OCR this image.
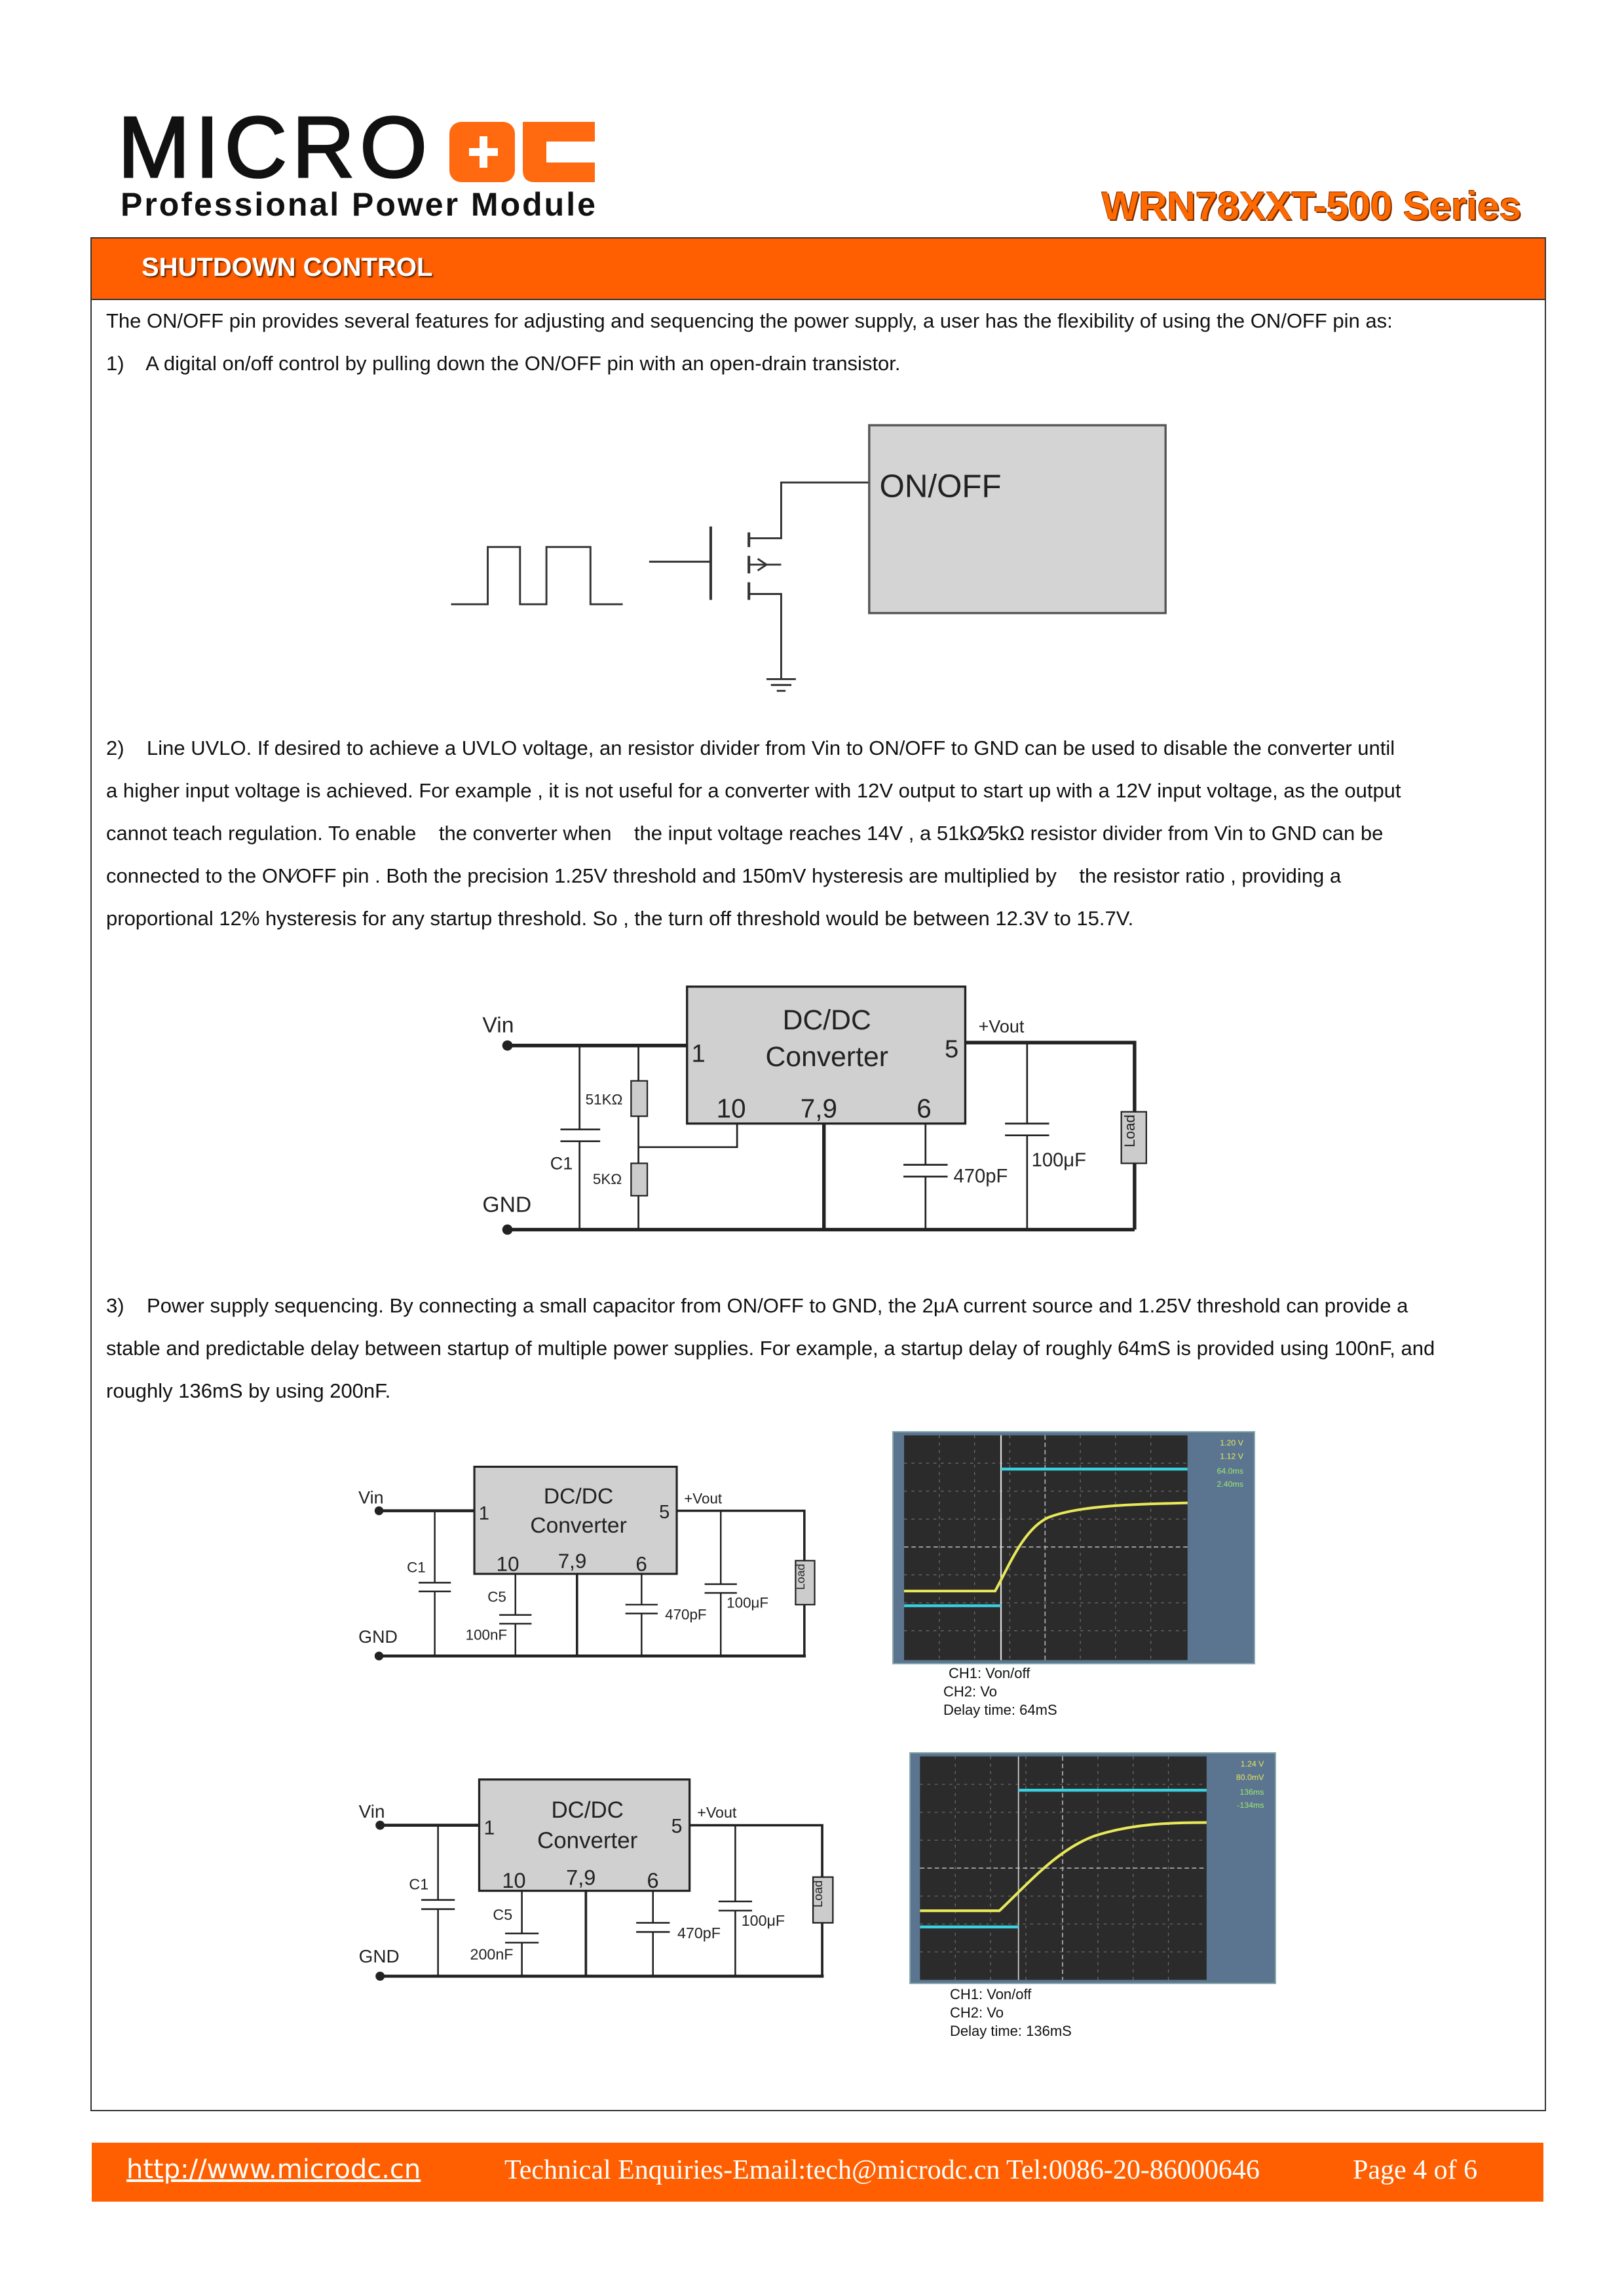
MICRO
Professional Power Module	WRN78XXT-500 Series
SHUTDOWN CONTROL
The ON/OFF pin provides several features for adjusting and sequencing the power supply, a user has the flexibility of using the ON/OFF pin as:
1)    A digital on/off control by pulling down the ON/OFF pin with an open-drain transistor.
ON/OFF
2)    Line UVLO. If desired to achieve a UVLO voltage, an resistor divider from Vin to ON/OFF to GND can be used to disable the converter until
a higher input voltage is achieved. For example , it is not useful for a converter with 12V output to start up with a 12V input voltage, as the output
cannot teach regulation. To enable    the converter when    the input voltage reaches 14V , a 51kΩ⁄5kΩ resistor divider from Vin to GND can be
connected to the ON⁄OFF pin . Both the precision 1.25V threshold and 150mV hysteresis are multiplied by    the resistor ratio , providing a
proportional 12% hysteresis for any startup threshold. So , the turn off threshold would be between 12.3V to 15.7V.
DC/DC
Converter
1	5
10	7,9	6
Vin
GND
+Vout
C1
51KΩ
5KΩ	470pF
100μF
Load
3)    Power supply sequencing. By connecting a small capacitor from ON/OFF to GND, the 2μA current source and 1.25V threshold can provide a
stable and predictable delay between startup of multiple power supplies. For example, a startup delay of roughly 64mS is provided using 100nF, and
roughly 136mS by using 200nF.
DC/DC
Converter
1	5
10	7,9	6
Vin
GND
+Vout
C1
C5
100nF
470pF
100μF
Load
DC/DC
Converter
1	5
10	7,9	6
Vin
GND
+Vout
C1
C5
200nF
470pF
100μF
Load
1.20 V
1.12 V
64.0ms
2.40ms
CH1: Von/off
CH2: Vo
Delay time: 64mS
1.24 V
80.0mV
136ms
-134ms
CH1: Von/off
CH2: Vo
Delay time: 136mS
http://www.microdc.cn	Technical Enquiries-Email:tech@microdc.cn Tel:0086-20-86000646	Page 4 of 6
